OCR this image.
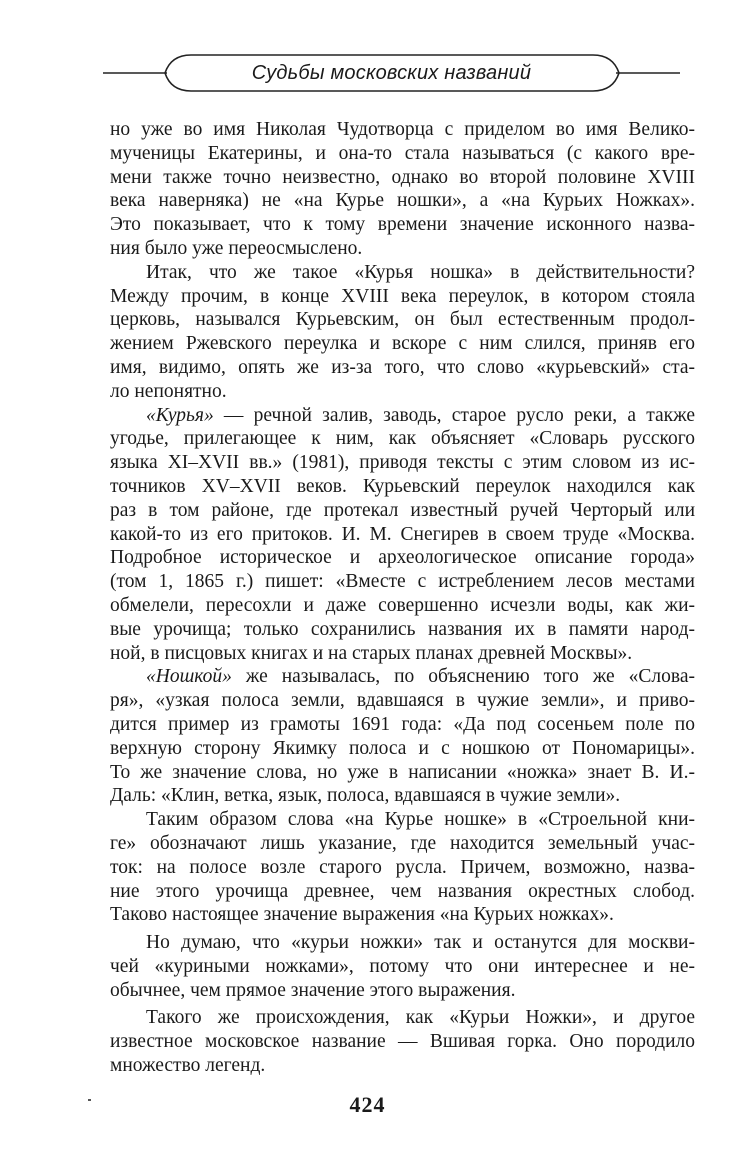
Судьбы московских названий
но уже во имя Николая Чудотворца с приделом во имя Велико-
мученицы Екатерины, и она-то стала называться (с какого вре-
мени также точно неизвестно, однако во второй половине XVIII
века наверняка) не «на Курье ношки», а «на Курьих Ножках».
Это показывает, что к тому времени значение исконного назва-
ния было уже переосмыслено.
Итак, что же такое «Курья ношка» в действительности?
Между прочим, в конце XVIII века переулок, в котором стояла
церковь, назывался Курьевским, он был естественным продол-
жением Ржевского переулка и вскоре с ним слился, приняв его
имя, видимо, опять же из-за того, что слово «курьевский» ста-
ло непонятно.
«Курья» — речной залив, заводь, старое русло реки, а также
угодье, прилегающее к ним, как объясняет «Словарь русского
языка XI–XVII вв.» (1981), приводя тексты с этим словом из ис-
точников XV–XVII веков. Курьевский переулок находился как
раз в том районе, где протекал известный ручей Черторый или
какой-то из его притоков. И. М. Снегирев в своем труде «Москва.
Подробное историческое и археологическое описание города»
(том 1, 1865 г.) пишет: «Вместе с истреблением лесов местами
обмелели, пересохли и даже совершенно исчезли воды, как жи-
вые урочища; только сохранились названия их в памяти народ-
ной, в писцовых книгах и на старых планах древней Москвы».
«Ношкой» же называлась, по объяснению того же «Слова-
ря», «узкая полоса земли, вдавшаяся в чужие земли», и приво-
дится пример из грамоты 1691 года: «Да под сосеньем поле по
верхную сторону Якимку полоса и с ношкою от Пономарицы».
То же значение слова, но уже в написании «ножка» знает В. И.-
Даль: «Клин, ветка, язык, полоса, вдавшаяся в чужие земли».
Таким образом слова «на Курье ношке» в «Строельной кни-
ге» обозначают лишь указание, где находится земельный учас-
ток: на полосе возле старого русла. Причем, возможно, назва-
ние этого урочища древнее, чем названия окрестных слобод.
Таково настоящее значение выражения «на Курьих ножках».
Но думаю, что «курьи ножки» так и останутся для москви-
чей «куриными ножками», потому что они интереснее и не-
обычнее, чем прямое значение этого выражения.
Такого же происхождения, как «Курьи Ножки», и другое
известное московское название — Вшивая горка. Оно породило
множество легенд.
424
